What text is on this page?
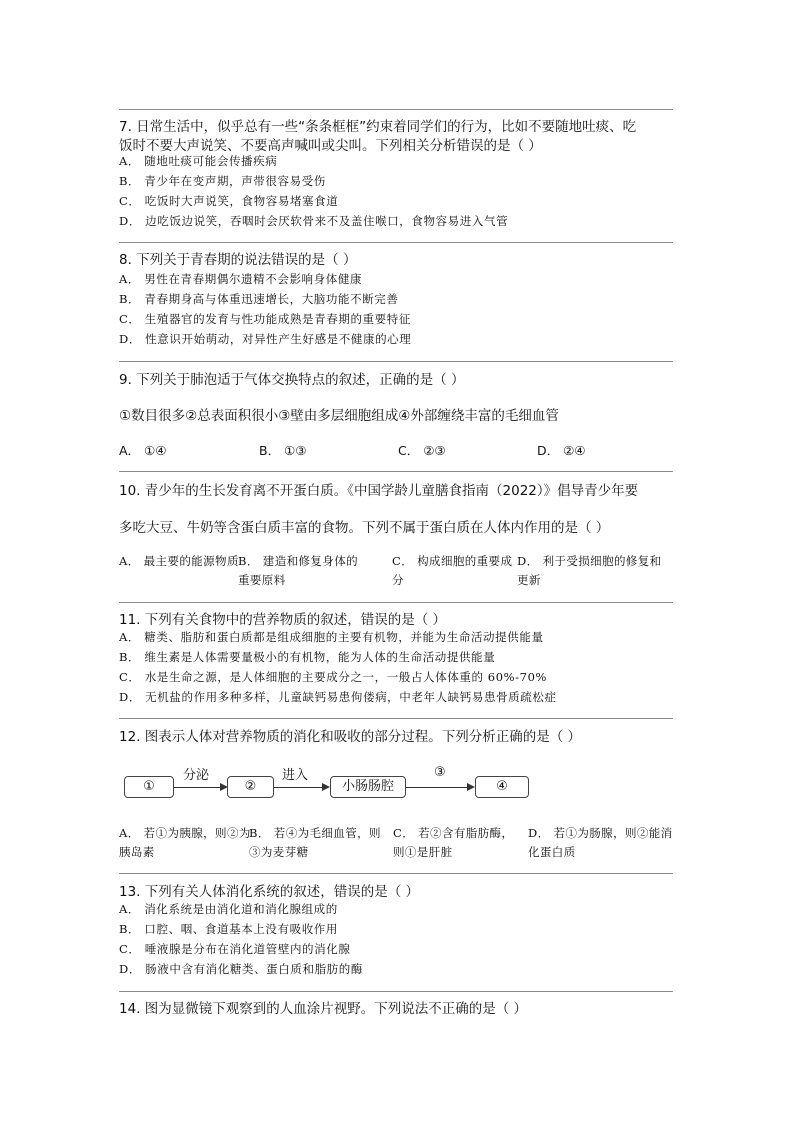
7. 日常生活中，似乎总有一些“条条框框”约束着同学们的行为，比如不要随地吐痰、吃
饭时不要大声说笑、不要高声喊叫或尖叫。下列相关分析错误的是（ ）
A． 随地吐痰可能会传播疾病
B． 青少年在变声期，声带很容易受伤
C． 吃饭时大声说笑，食物容易堵塞食道
D． 边吃饭边说笑，吞咽时会厌软骨来不及盖住喉口，食物容易进入气管
8. 下列关于青春期的说法错误的是（ ）
A． 男性在青春期偶尔遗精不会影响身体健康
B． 青春期身高与体重迅速增长，大脑功能不断完善
C． 生殖器官的发育与性功能成熟是青春期的重要特征
D． 性意识开始萌动，对异性产生好感是不健康的心理
9. 下列关于肺泡适于气体交换特点的叙述，正确的是（ ）
①数目很多②总表面积很小③壁由多层细胞组成④外部缠绕丰富的毛细血管
A． ①④	B． ①③	C． ②③	D． ②④
10. 青少年的生长发育离不开蛋白质。《中国学龄儿童膳食指南（2022）》倡导青少年要
多吃大豆、牛奶等含蛋白质丰富的食物。下列不属于蛋白质在人体内作用的是（ ）
A． 最主要的能源物质 B． 建造和修复身体的重要原料
C． 构成细胞的重要成分
D． 利于受损细胞的修复和更新
11. 下列有关食物中的营养物质的叙述，错误的是（ ）
A． 糖类、脂肪和蛋白质都是组成细胞的主要有机物，并能为生命活动提供能量
B． 维生素是人体需要量极小的有机物，能为人体的生命活动提供能量
C． 水是生命之源，是人体细胞的主要成分之一，一般占人体体重的 60%-70%
D． 无机盐的作用多种多样，儿童缺钙易患佝偻病，中老年人缺钙易患骨质疏松症
12. 图表示人体对营养物质的消化和吸收的部分过程。下列分析正确的是（ ）
①
分泌
②
进入
小肠肠腔
③
④
A． 若①为胰腺，则②为胰岛素
B． 若④为毛细血管，则③为麦芽糖
C． 若②含有脂肪酶，则①是肝脏
D． 若①为肠腺，则②能消化蛋白质
13. 下列有关人体消化系统的叙述，错误的是（ ）
A． 消化系统是由消化道和消化腺组成的
B． 口腔、咽、食道基本上没有吸收作用
C． 唾液腺是分布在消化道管壁内的消化腺
D． 肠液中含有消化糖类、蛋白质和脂肪的酶
14. 图为显微镜下观察到的人血涂片视野。下列说法不正确的是（ ）
